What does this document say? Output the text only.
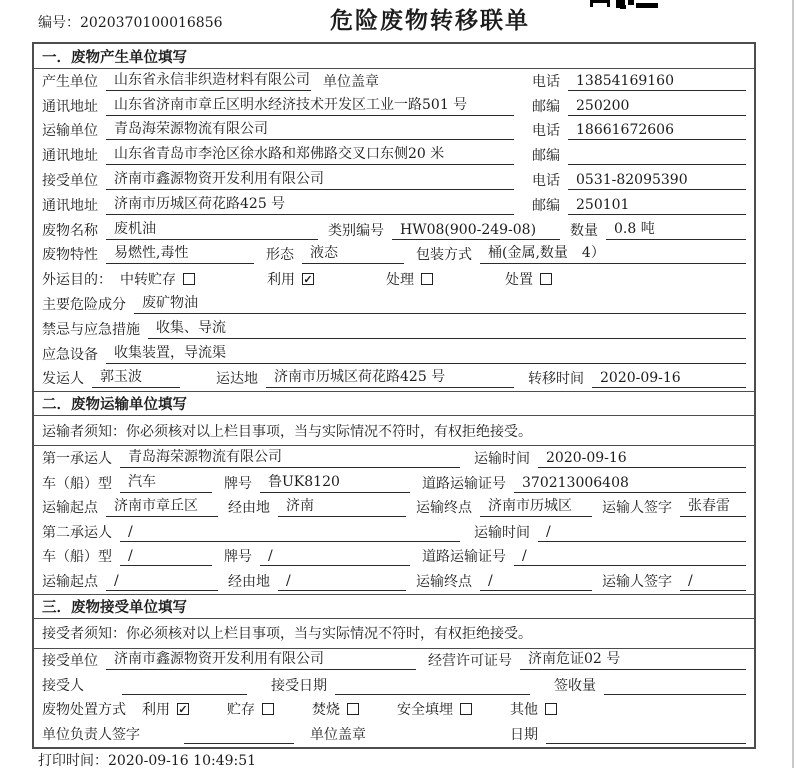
编号：2020370100016856	危险废物转移联单
一．废物产生单位填写
产生单位	山东省永信非织造材料有限公司 单位盖章	电话	13854169160
通讯地址	山东省济南市章丘区明水经济技术开发区工业一路501 号	邮编	250200
运输单位	青岛海荣源物流有限公司	电话	18661672606
通讯地址	山东省青岛市李沧区徐水路和郑佛路交叉口东侧20 米	邮编
接受单位	济南市鑫源物资开发利用有限公司	电话	0531-82095390
通讯地址	济南市历城区荷花路425 号	邮编	250101
废物名称	废机油	类别编号	HW08(900-249-08)	数量	0.8 吨
废物特性	易燃性,毒性	形态	液态	包装方式	桶(金属,数量　4）
外运目的： 中转贮存	利用 ✓	处理	处置
主要危险成分	废矿物油
禁忌与应急措施	收集、导流
应急设备	收集装置，导流渠
发运人	郭玉波	运达地	济南市历城区荷花路425 号	转移时间	2020-09-16
二．废物运输单位填写
运输者须知：你必须核对以上栏目事项，当与实际情况不符时，有权拒绝接受。
第一承运人	青岛海荣源物流有限公司	运输时间	2020-09-16
车（船）型	汽车	牌号	鲁UK8120	道路运输证号	370213006408
运输起点	济南市章丘区	经由地	济南	运输终点	济南市历城区	运输人签字	张春雷
第二承运人	/	运输时间	/
车（船）型	/	牌号	/	道路运输证号	/
运输起点	/	经由地	/	运输终点	/	运输人签字	/
三．废物接受单位填写
接受者须知：你必须核对以上栏目事项，当与实际情况不符时，有权拒绝接受。
接受单位	济南市鑫源物资开发利用有限公司	经营许可证号	济南危证02 号
接受人	接受日期	签收量
废物处置方式 利用 ✓	贮存	焚烧	安全填埋	其他
单位负责人签字	单位盖章	日期
打印时间：2020-09-16 10:49:51
